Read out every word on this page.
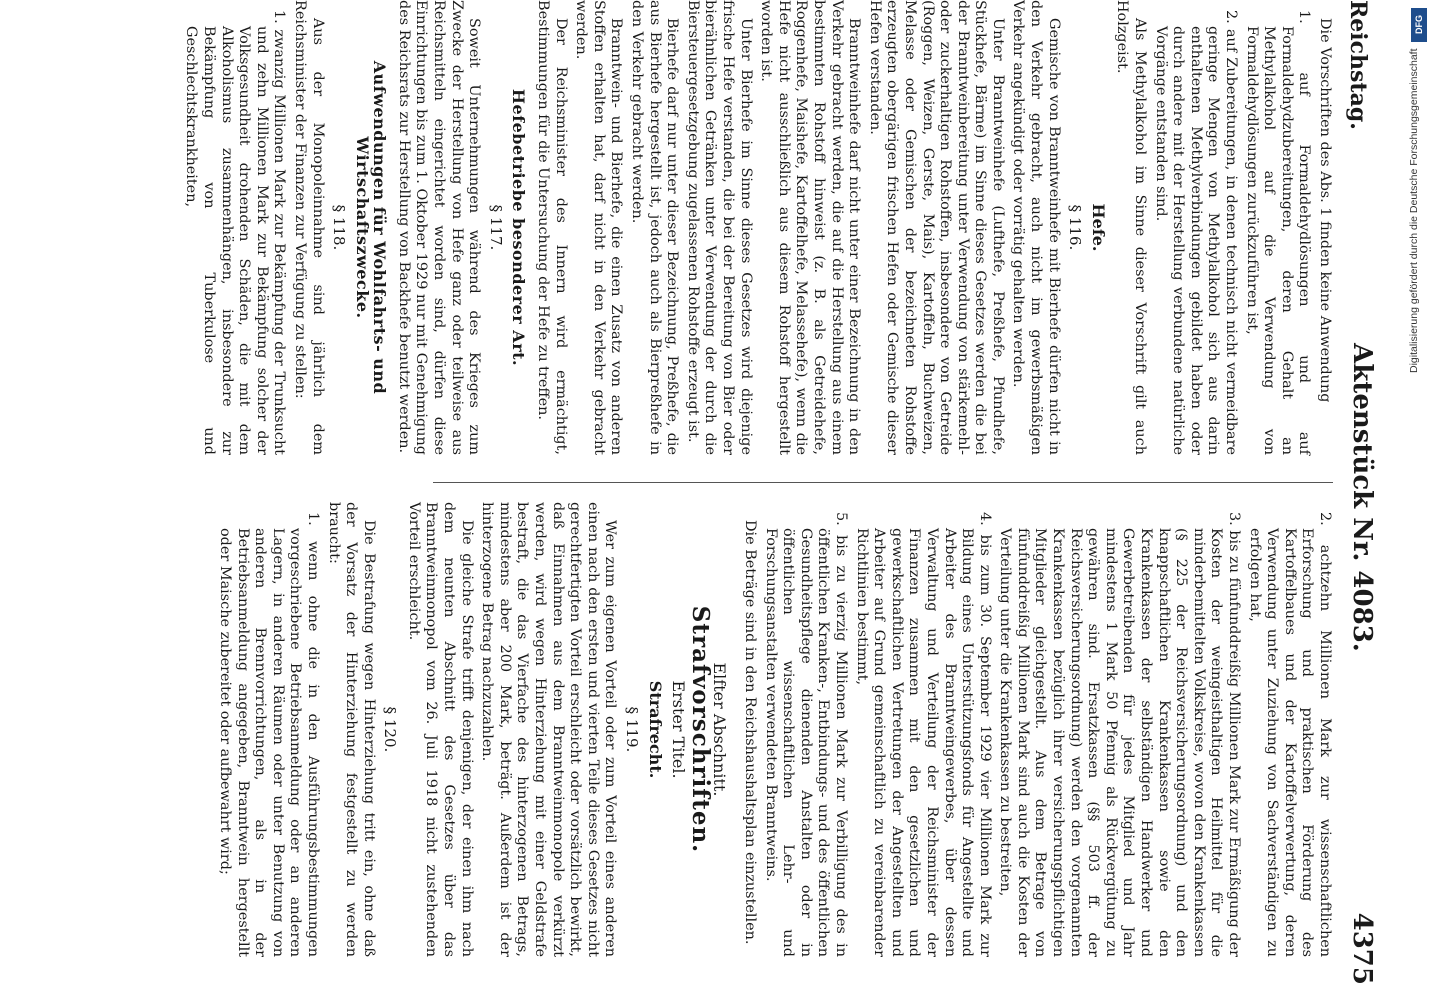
Reichstag.
Aktenstück Nr. 4083.
4375
Die Vorschriften des Abs. 1 finden keine Anwendung
1. auf Formaldehydlösungen und auf Formaldehydzubereitungen, deren Gehalt an Methylalkohol auf die Verwendung von Formaldehydlösungen zurückzuführen ist,
2. auf Zubereitungen, in denen technisch nicht vermeidbare geringe Mengen von Methylalkohol sich aus darin enthaltenen Methylverbindungen gebildet haben oder durch andere mit der Herstellung verbundene natürliche Vorgänge entstanden sind.
Als Methylalkohol im Sinne dieser Vorschrift gilt auch Holzgeist.
Hefe.
§ 116.
Gemische von Branntweinhefe mit Bierhefe dürfen nicht in den Verkehr gebracht, auch nicht im gewerbsmäßigen Verkehr angekündigt oder vorrätig gehalten werden.
Unter Branntweinhefe (Lufthefe, Preßhefe, Pfundhefe, Stückhefe, Bärme) im Sinne dieses Gesetzes werden die bei der Branntweinbereitung unter Verwendung von stärkemehl- oder zuckerhaltigen Rohstoffen, insbesondere von Getreide (Roggen, Weizen, Gerste, Mais), Kartoffeln, Buchweizen, Melasse oder Gemischen der bezeichneten Rohstoffe erzeugten obergärigen frischen Hefen oder Gemische dieser Hefen verstanden.
Branntweinhefe darf nicht unter einer Bezeichnung in den Verkehr gebracht werden, die auf die Herstellung aus einem bestimmten Rohstoff hinweist (z. B. als Getreidehefe, Roggenhefe, Maishefe, Kartoffelhefe, Melassehefe), wenn die Hefe nicht ausschließlich aus diesem Rohstoff hergestellt worden ist.
Unter Bierhefe im Sinne dieses Gesetzes wird diejenige frische Hefe verstanden, die bei der Bereitung von Bier oder bierähnlichen Getränken unter Verwendung der durch die Biersteuergesetzgebung zugelassenen Rohstoffe erzeugt ist.
Bierhefe darf nur unter dieser Bezeichnung, Preßhefe, die aus Bierhefe hergestellt ist, jedoch auch als Bierpreßhefe in den Verkehr gebracht werden.
Branntwein- und Bierhefe, die einen Zusatz von anderen Stoffen erhalten hat, darf nicht in den Verkehr gebracht werden.
Der Reichsminister des Innern wird ermächtigt, Bestimmungen für die Untersuchung der Hefe zu treffen.
Hefebetriebe besonderer Art.
§ 117.
Soweit Unternehmungen während des Krieges zum Zwecke der Herstellung von Hefe ganz oder teilweise aus Reichsmitteln eingerichtet worden sind, dürfen diese Einrichtungen bis zum 1. Oktober 1929 nur mit Genehmigung des Reichsrats zur Herstellung von Backhefe benutzt werden.
Aufwendungen für Wohlfahrts- und Wirtschaftszwecke.
§ 118.
Aus der Monopoleinnahme sind jährlich dem Reichsminister der Finanzen zur Verfügung zu stellen:
1. zwanzig Millionen Mark zur Bekämpfung der Trunksucht und zehn Millionen Mark zur Bekämpfung solcher der Volksgesundheit drohenden Schäden, die mit dem Alkoholismus zusammenhängen, insbesondere zur Bekämpfung von Tuberkulose und Geschlechtskrankheiten,
2. achtzehn Millionen Mark zur wissenschaftlichen Erforschung und praktischen Förderung des Kartoffelbaues und der Kartoffelverwertung, deren Verwendung unter Zuziehung von Sachverständigen zu erfolgen hat,
3. bis zu fünfunddreißig Millionen Mark zur Ermäßigung der Kosten der weingeisthaltigen Heilmittel für die minderbemittelten Volkskreise, wovon den Krankenkassen (§ 225 der Reichsversicherungsordnung) und den knappschaftlichen Krankenkassen sowie den Krankenkassen der selbständigen Handwerker und Gewerbetreibenden für jedes Mitglied und Jahr mindestens 1 Mark 50 Pfennig als Rückvergütung zu gewähren sind. Ersatzkassen (§§ 503 ff. der Reichsversicherungsordnung) werden den vorgenannten Krankenkassen bezüglich ihrer versicherungspflichtigen Mitglieder gleichgestellt. Aus dem Betrage von fünfunddreißig Millionen Mark sind auch die Kosten der Verteilung unter die Krankenkassen zu bestreiten,
4. bis zum 30. September 1929 vier Millionen Mark zur Bildung eines Unterstützungsfonds für Angestellte und Arbeiter des Branntweingewerbes, über dessen Verwaltung und Verteilung der Reichsminister der Finanzen zusammen mit den gesetzlichen und gewerkschaftlichen Vertretungen der Angestellten und Arbeiter auf Grund gemeinschaftlich zu vereinbarender Richtlinien bestimmt,
5. bis zu vierzig Millionen Mark zur Verbilligung des in öffentlichen Kranken-, Entbindungs- und des öffentlichen Gesundheitspflege dienenden Anstalten oder in öffentlichen wissenschaftlichen Lehr- und Forschungsanstalten verwendeten Branntweins.
Die Beträge sind in den Reichshaushaltsplan einzustellen.
Elfter Abschnitt.
Strafvorschriften.
Erster Titel.
Strafrecht.
§ 119.
Wer zum eigenen Vorteil oder zum Vorteil eines anderen einen nach den ersten und vierten Teile dieses Gesetzes nicht gerechtfertigten Vorteil erschleicht oder vorsätzlich bewirkt, daß Einnahmen aus dem Branntweinmonopole verkürzt werden, wird wegen Hinterziehung mit einer Geldstrafe bestraft, die das Vierfache des hinterzogenen Betrags, mindestens aber 200 Mark, beträgt. Außerdem ist der hinterzogene Betrag nachzuzahlen.
Die gleiche Strafe trifft denjenigen, der einen ihm nach dem neunten Abschnitt des Gesetzes über das Branntweinmonopol vom 26. Juli 1918 nicht zustehenden Vorteil erschleicht.
§ 120.
Die Bestrafung wegen Hinterziehung tritt ein, ohne daß der Vorsatz der Hinterziehung festgestellt zu werden braucht:
1. wenn ohne die in den Ausführungsbestimmungen vorgeschriebene Betriebsanmeldung oder an anderen Lagern, in anderen Räumen oder unter Benutzung von anderen Brennvorrichtungen, als in der Betriebsanmeldung angegeben, Branntwein hergestellt oder Maische zubereitet oder aufbewahrt wird;
DFG
Digitalisierung gefördert durch die Deutsche Forschungsgemeinschaft
